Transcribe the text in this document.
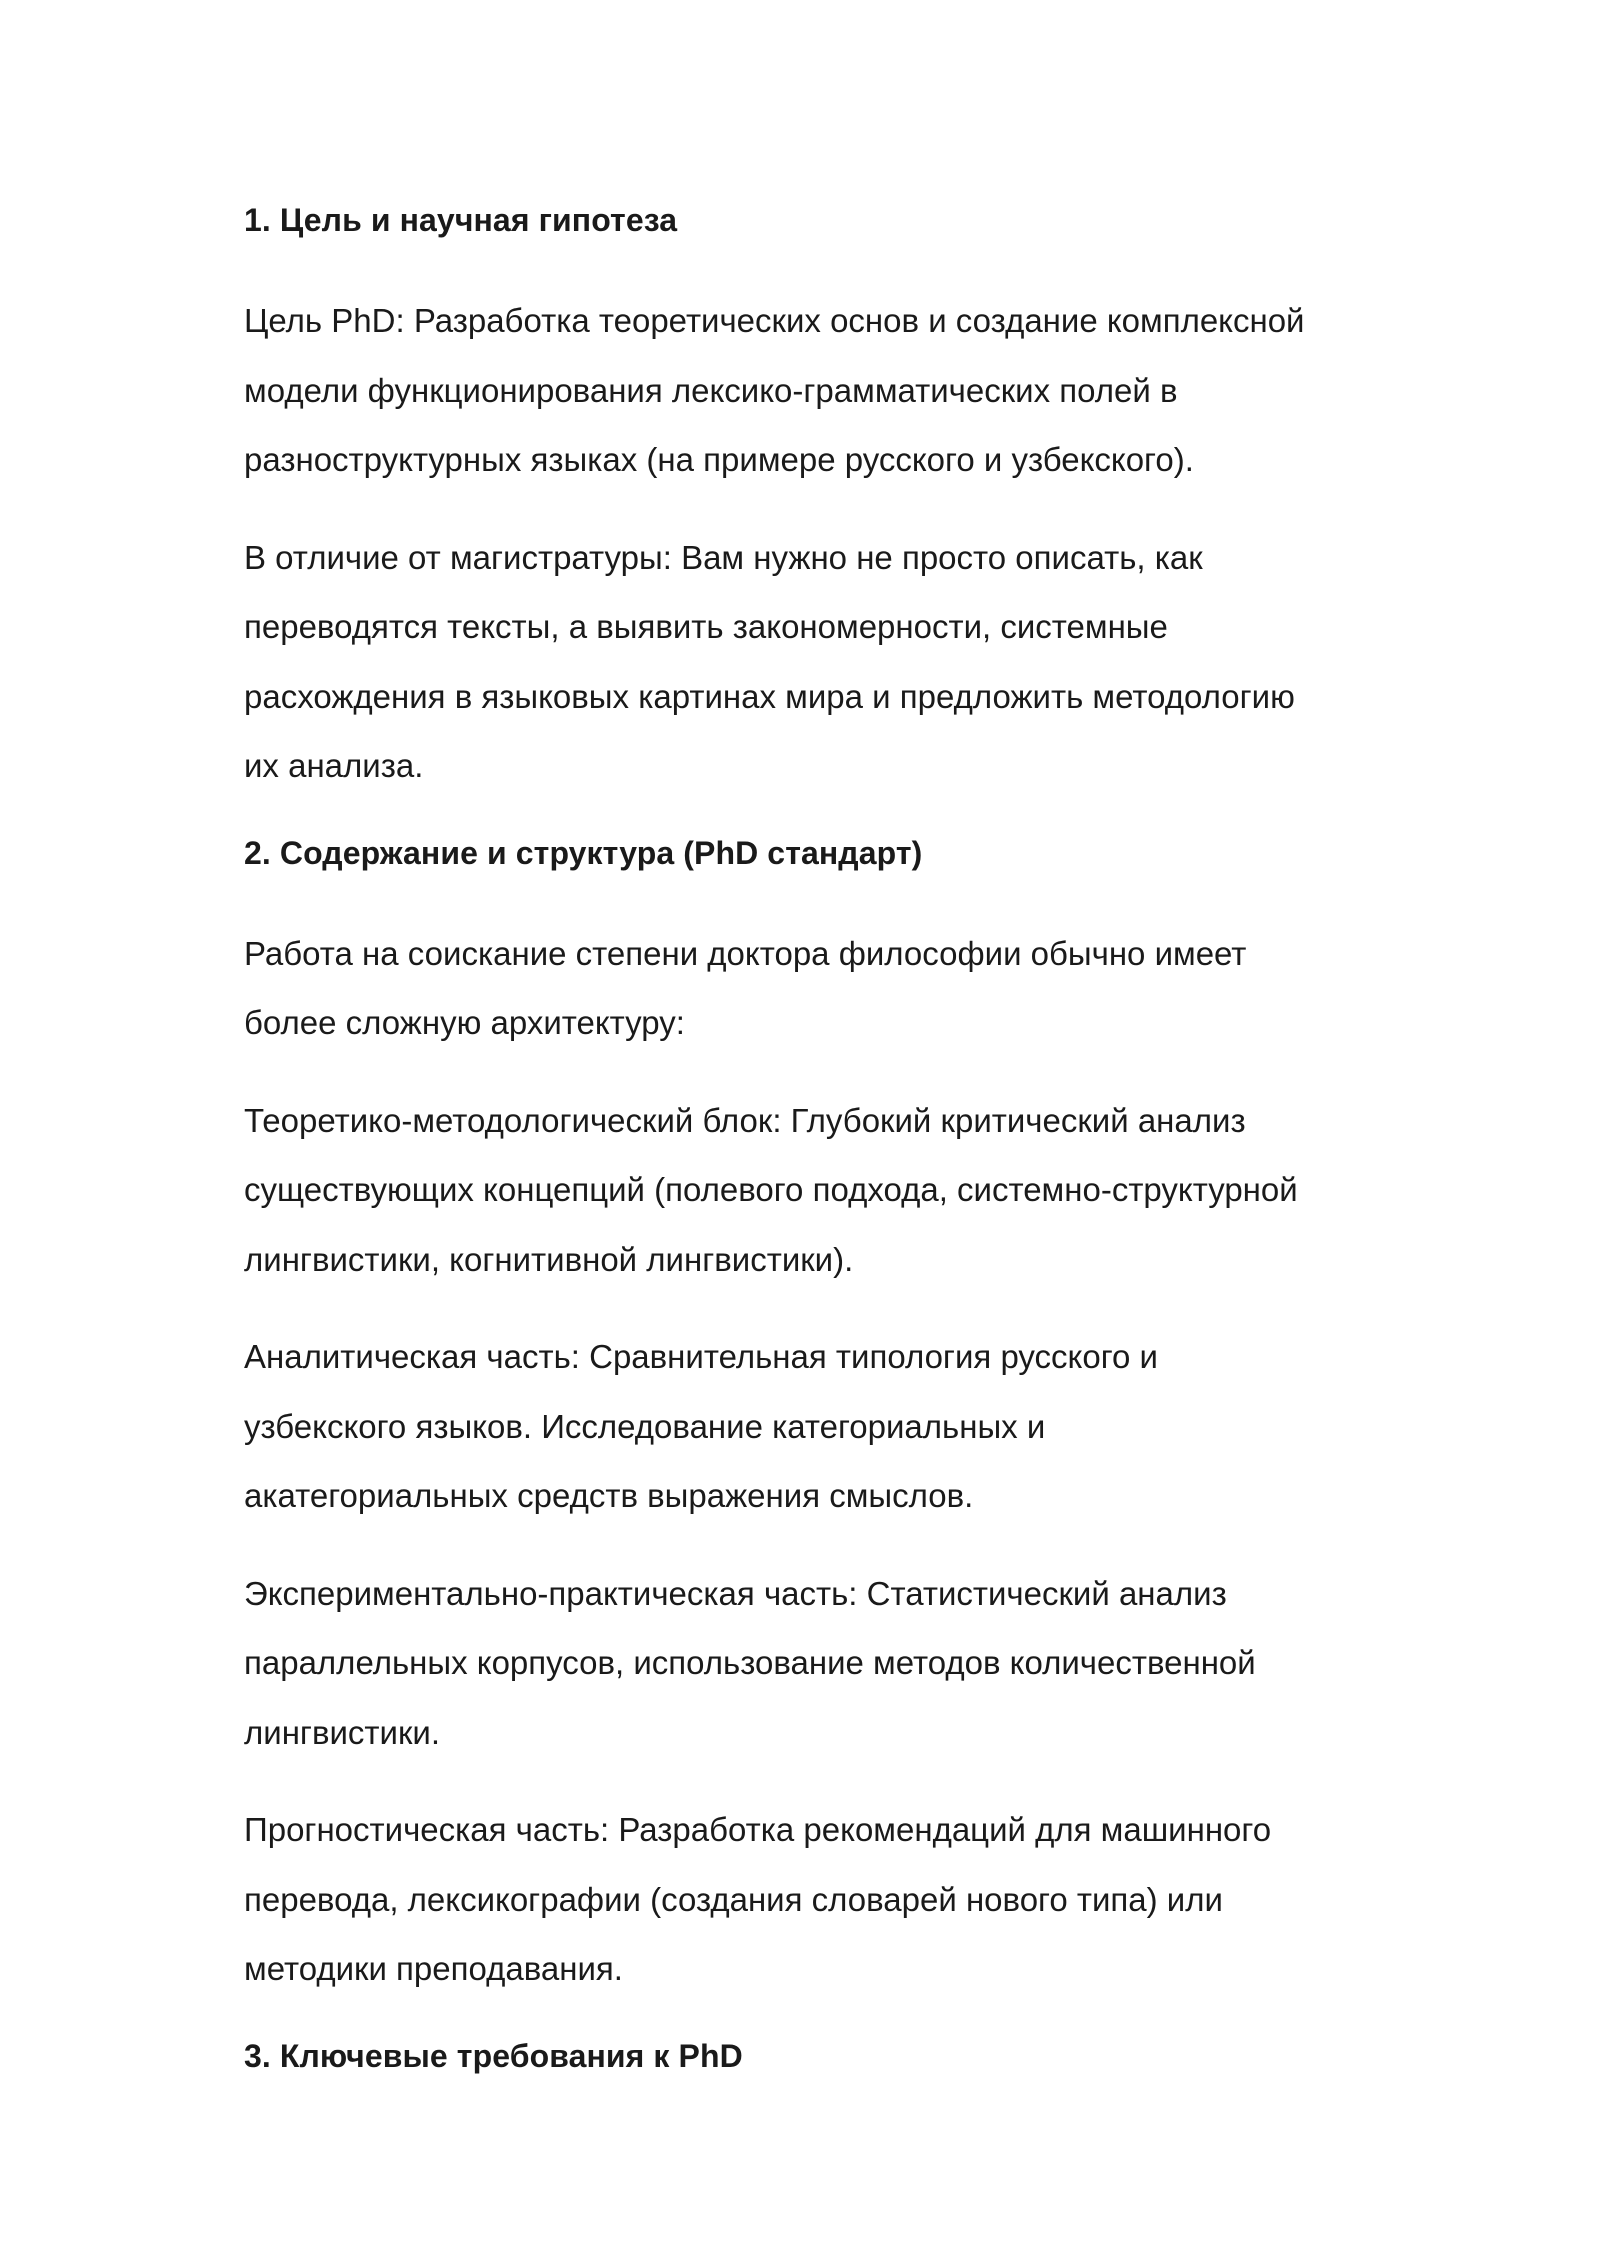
1. Цель и научная гипотеза

Цель PhD: Разработка теоретических основ и создание комплексной
модели функционирования лексико-грамматических полей в
разноструктурных языках (на примере русского и узбекского).

В отличие от магистратуры: Вам нужно не просто описать, как
переводятся тексты, а выявить закономерности, системные
расхождения в языковых картинах мира и предложить методологию
их анализа.

2. Содержание и структура (PhD стандарт)

Работа на соискание степени доктора философии обычно имеет
более сложную архитектуру:

Теоретико-методологический блок: Глубокий критический анализ
существующих концепций (полевого подхода, системно-структурной
лингвистики, когнитивной лингвистики).

Аналитическая часть: Сравнительная типология русского и
узбекского языков. Исследование категориальных и
акатегориальных средств выражения смыслов.

Экспериментально-практическая часть: Статистический анализ
параллельных корпусов, использование методов количественной
лингвистики.

Прогностическая часть: Разработка рекомендаций для машинного
перевода, лексикографии (создания словарей нового типа) или
методики преподавания.

3. Ключевые требования к PhD
